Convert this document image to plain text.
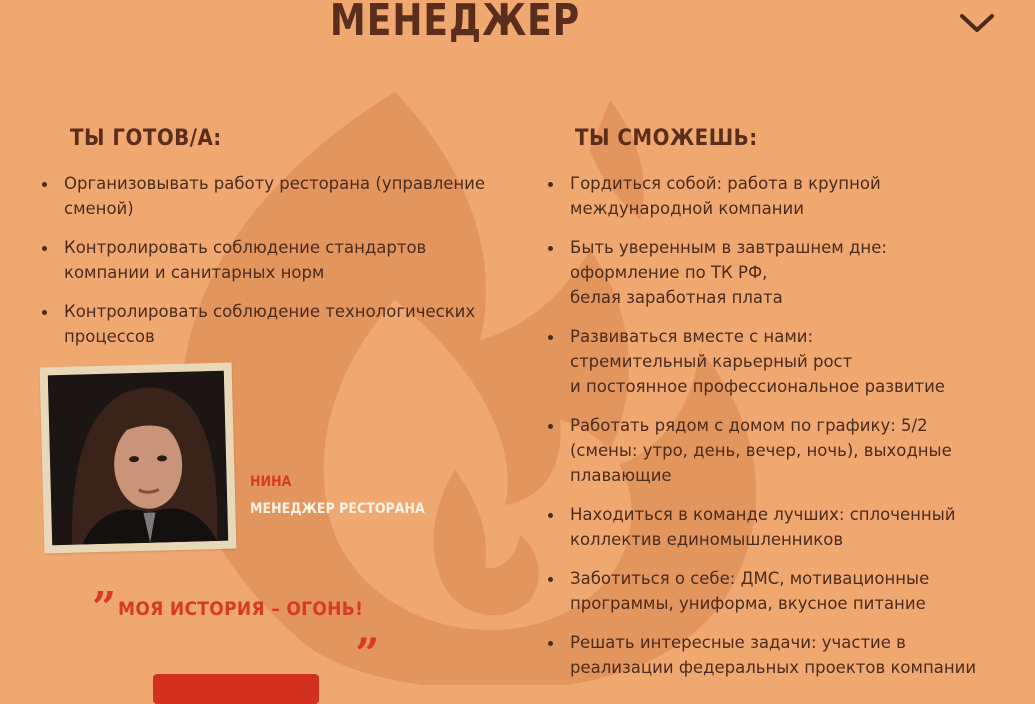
МЕНЕДЖЕР
ТЫ ГОТОВ/А:
Организовывать работу ресторана (управление
сменой)
Контролировать соблюдение стандартов
компании и санитарных норм
Контролировать соблюдение технологических
процессов
ТЫ СМОЖЕШЬ:
Гордиться собой: работа в крупной
международной компании
Быть уверенным в завтрашнем дне:
оформление по ТК РФ,
белая заработная плата
Развиваться вместе с нами:
стремительный карьерный рост
и постоянное профессиональное развитие
Работать рядом с домом по графику: 5/2
(смены: утро, день, вечер, ночь), выходные
плавающие
Находиться в команде лучших: сплоченный
коллектив единомышленников
Заботиться о себе: ДМС, мотивационные
программы, униформа, вкусное питание
Решать интересные задачи: участие в
реализации федеральных проектов компании
НИНА
МЕНЕДЖЕР РЕСТОРАНА
” МОЯ ИСТОРИЯ – ОГОНЬ!
„
